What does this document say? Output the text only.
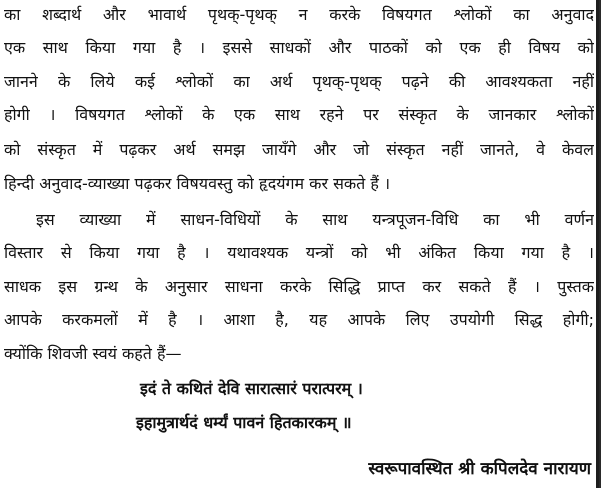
का शब्दार्थ और भावार्थ पृथक्-पृथक् न करके विषयगत श्लोकों का अनुवाद
एक साथ किया गया है । इससे साधकों और पाठकों को एक ही विषय को
जानने के लिये कई श्लोकों का अर्थ पृथक्-पृथक् पढ़ने की आवश्यकता नहीं
होगी । विषयगत श्लोकों के एक साथ रहने पर संस्कृत के जानकार श्लोकों
को संस्कृत में पढ़कर अर्थ समझ जायँगे और जो संस्कृत नहीं जानते, वे केवल
हिन्दी अनुवाद-व्याख्या पढ़कर विषयवस्तु को हृदयंगम कर सकते हैं ।
इस व्याख्या में साधन-विधियों के साथ यन्त्रपूजन-विधि का भी वर्णन
विस्तार से किया गया है । यथावश्यक यन्त्रों को भी अंकित किया गया है ।
साधक इस ग्रन्थ के अनुसार साधना करके सिद्धि प्राप्त कर सकते हैं । पुस्तक
आपके करकमलों में है । आशा है, यह आपके लिए उपयोगी सिद्ध होगी;
क्योंकि शिवजी स्वयं कहते हैं—
इदं ते कथितं देवि सारात्सारं परात्परम् ।
इहामुत्रार्थदं धर्म्यं पावनं हितकारकम् ॥
स्वरूपावस्थित श्री कपिलदेव नारायण
